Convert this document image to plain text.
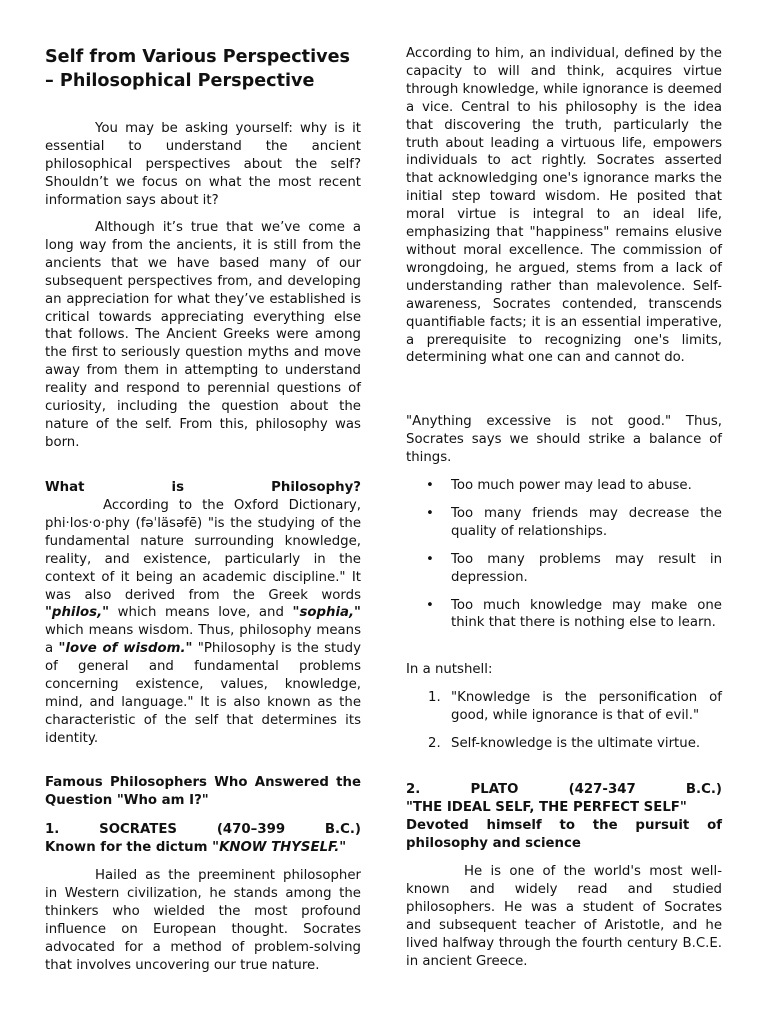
Self from Various Perspectives – Philosophical Perspective

You may be asking yourself: why is it essential to understand the ancient philosophical perspectives about the self? Shouldn’t we focus on what the most recent information says about it?

Although it’s true that we’ve come a long way from the ancients, it is still from the ancients that we have based many of our subsequent perspectives from, and developing an appreciation for what they’ve established is critical towards appreciating everything else that follows. The Ancient Greeks were among the first to seriously question myths and move away from them in attempting to understand reality and respond to perennial questions of curiosity, including the question about the nature of the self. From this, philosophy was born.

What is Philosophy?

According to the Oxford Dictionary, phi·los·o·phy (fəˈläsəfē) "is the studying of the fundamental nature surrounding knowledge, reality, and existence, particularly in the context of it being an academic discipline." It was also derived from the Greek words "philos," which means love, and "sophia," which means wisdom. Thus, philosophy means a "love of wisdom." "Philosophy is the study of general and fundamental problems concerning existence, values, knowledge, mind, and language." It is also known as the characteristic of the self that determines its identity.

Famous Philosophers Who Answered the Question "Who am I?"

1. SOCRATES (470–399 B.C.)

Known for the dictum "KNOW THYSELF."

Hailed as the preeminent philosopher in Western civilization, he stands among the thinkers who wielded the most profound influence on European thought. Socrates advocated for a method of problem-solving that involves uncovering our true nature.

According to him, an individual, defined by the capacity to will and think, acquires virtue through knowledge, while ignorance is deemed a vice. Central to his philosophy is the idea that discovering the truth, particularly the truth about leading a virtuous life, empowers individuals to act rightly. Socrates asserted that acknowledging one's ignorance marks the initial step toward wisdom. He posited that moral virtue is integral to an ideal life, emphasizing that "happiness" remains elusive without moral excellence. The commission of wrongdoing, he argued, stems from a lack of understanding rather than malevolence. Self-awareness, Socrates contended, transcends quantifiable facts; it is an essential imperative, a prerequisite to recognizing one's limits, determining what one can and cannot do.

"Anything excessive is not good." Thus, Socrates says we should strike a balance of things.

• Too much power may lead to abuse.
• Too many friends may decrease the quality of relationships.
• Too many problems may result in depression.
• Too much knowledge may make one think that there is nothing else to learn.

In a nutshell:

1. "Knowledge is the personification of good, while ignorance is that of evil."
2. Self-knowledge is the ultimate virtue.

2. PLATO (427-347 B.C.)

"THE IDEAL SELF, THE PERFECT SELF"

Devoted himself to the pursuit of philosophy and science

He is one of the world's most well-known and widely read and studied philosophers. He was a student of Socrates and subsequent teacher of Aristotle, and he lived halfway through the fourth century B.C.E. in ancient Greece.
